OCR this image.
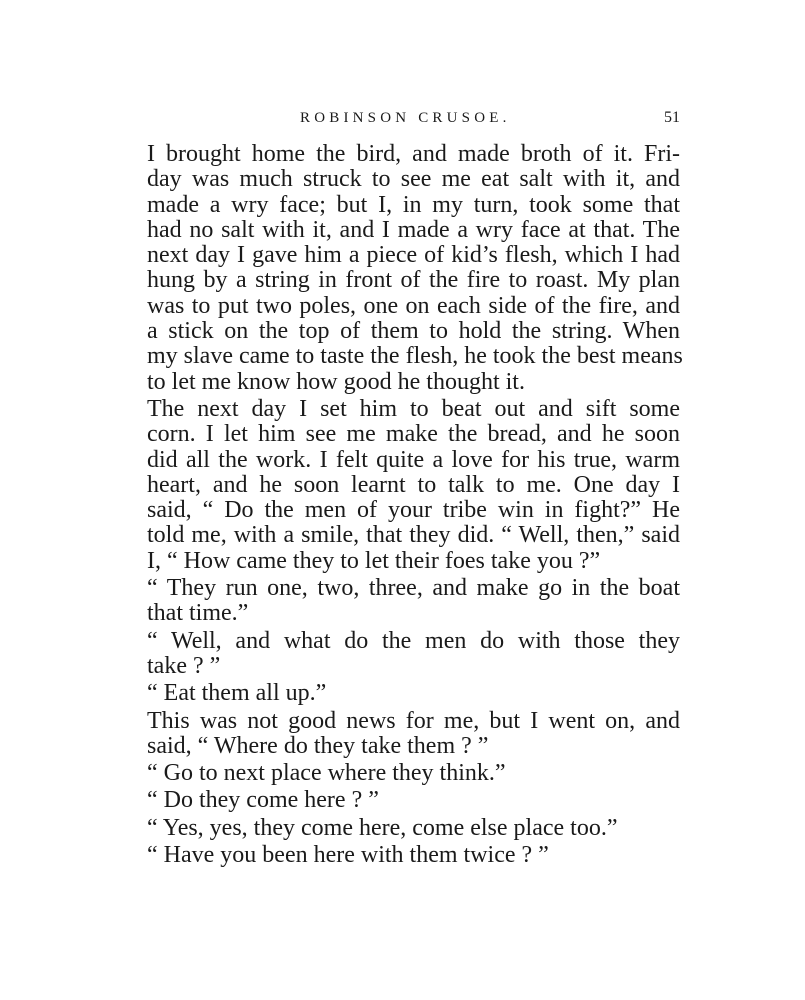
ROBINSON CRUSOE.	51
I brought home the bird, and made broth of it. Fri-
day was much struck to see me eat salt with it, and
made a wry face; but I, in my turn, took some that
had no salt with it, and I made a wry face at that. The
next day I gave him a piece of kid’s flesh, which I had
hung by a string in front of the fire to roast. My plan
was to put two poles, one on each side of the fire, and
a stick on the top of them to hold the string. When
my slave came to taste the flesh, he took the best means
to let me know how good he thought it.
The next day I set him to beat out and sift some
corn. I let him see me make the bread, and he soon
did all the work. I felt quite a love for his true, warm
heart, and he soon learnt to talk to me. One day I
said, “ Do the men of your tribe win in fight?” He
told me, with a smile, that they did. “ Well, then,” said
I, “ How came they to let their foes take you ?”
“ They run one, two, three, and make go in the boat
that time.”
“ Well, and what do the men do with those they
take ? ”
“ Eat them all up.”
This was not good news for me, but I went on, and
said, “ Where do they take them ? ”
“ Go to next place where they think.”
“ Do they come here ? ”
“ Yes, yes, they come here, come else place too.”
“ Have you been here with them twice ? ”
